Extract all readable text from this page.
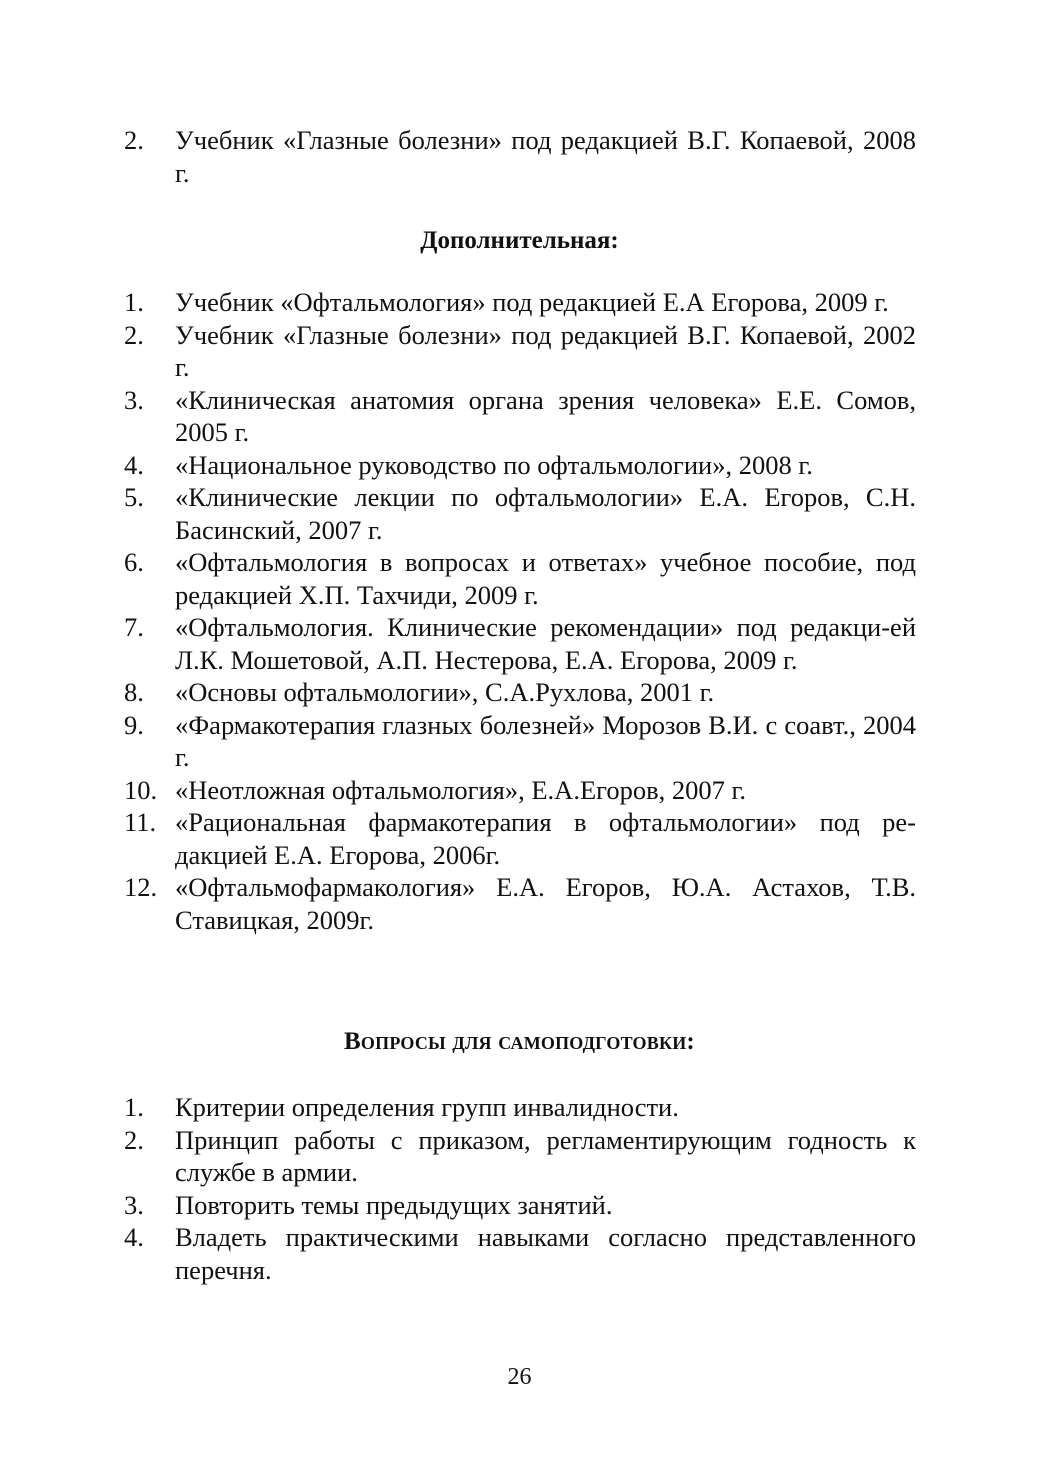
2. Учебник «Глазные болезни» под редакцией В.Г. Копаевой, 2008 г.
Дополнительная:
1. Учебник «Офтальмология» под редакцией Е.А Егорова, 2009 г.
2. Учебник «Глазные болезни» под редакцией В.Г. Копаевой, 2002 г.
3. «Клиническая анатомия органа зрения человека» Е.Е. Сомов, 2005 г.
4. «Национальное руководство по офтальмологии», 2008 г.
5. «Клинические лекции по офтальмологии» Е.А. Егоров, С.Н. Басинский, 2007 г.
6. «Офтальмология в вопросах и ответах» учебное пособие, под редакцией Х.П. Тахчиди, 2009 г.
7. «Офтальмология. Клинические рекомендации» под редакци-ей Л.К. Мошетовой, А.П. Нестерова, Е.А. Егорова, 2009 г.
8. «Основы офтальмологии», С.А.Рухлова, 2001 г.
9. «Фармакотерапия глазных болезней» Морозов В.И. с соавт., 2004 г.
10. «Неотложная офтальмология», Е.А.Егоров, 2007 г.
11. «Рациональная фармакотерапия в офтальмологии» под ре-дакцией Е.А. Егорова, 2006г.
12. «Офтальмофармакология» Е.А. Егоров, Ю.А. Астахов, Т.В. Ставицкая, 2009г.
Вопросы для самоподготовки:
1. Критерии определения групп инвалидности.
2. Принцип работы с приказом, регламентирующим годность к службе в армии.
3. Повторить темы предыдущих занятий.
4. Владеть практическими навыками согласно представленного перечня.
26
